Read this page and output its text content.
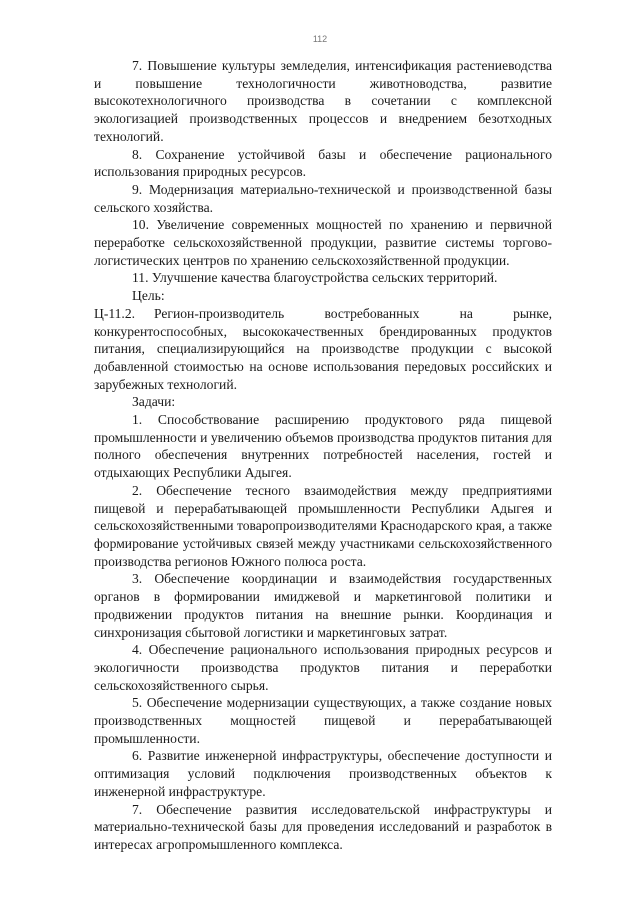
112

7. Повышение культуры земледелия, интенсификация растениеводства и повышение технологичности животноводства, развитие высокотехнологичного производства в сочетании с комплексной экологизацией производственных процессов и внедрением безотходных технологий.

8. Сохранение устойчивой базы и обеспечение рационального использования природных ресурсов.

9. Модернизация материально-технической и производственной базы сельского хозяйства.

10. Увеличение современных мощностей по хранению и первичной переработке сельскохозяйственной продукции, развитие системы торгово-логистических центров по хранению сельскохозяйственной продукции.

11. Улучшение качества благоустройства сельских территорий.

Цель:

Ц-11.2. Регион-производитель востребованных на рынке, конкурентоспособных, высококачественных брендированных продуктов питания, специализирующийся на производстве продукции с высокой добавленной стоимостью на основе использования передовых российских и зарубежных технологий.

Задачи:

1. Способствование расширению продуктового ряда пищевой промышленности и увеличению объемов производства продуктов питания для полного обеспечения внутренних потребностей населения, гостей и отдыхающих Республики Адыгея.

2. Обеспечение тесного взаимодействия между предприятиями пищевой и перерабатывающей промышленности Республики Адыгея и сельскохозяйственными товаропроизводителями Краснодарского края, а также формирование устойчивых связей между участниками сельскохозяйственного производства регионов Южного полюса роста.

3. Обеспечение координации и взаимодействия государственных органов в формировании имиджевой и маркетинговой политики и продвижении продуктов питания на внешние рынки. Координация и синхронизация сбытовой логистики и маркетинговых затрат.

4. Обеспечение рационального использования природных ресурсов и экологичности производства продуктов питания и переработки сельскохозяйственного сырья.

5. Обеспечение модернизации существующих, а также создание новых производственных мощностей пищевой и перерабатывающей промышленности.

6. Развитие инженерной инфраструктуры, обеспечение доступности и оптимизация условий подключения производственных объектов к инженерной инфраструктуре.

7. Обеспечение развития исследовательской инфраструктуры и материально-технической базы для проведения исследований и разработок в интересах агропромышленного комплекса.
